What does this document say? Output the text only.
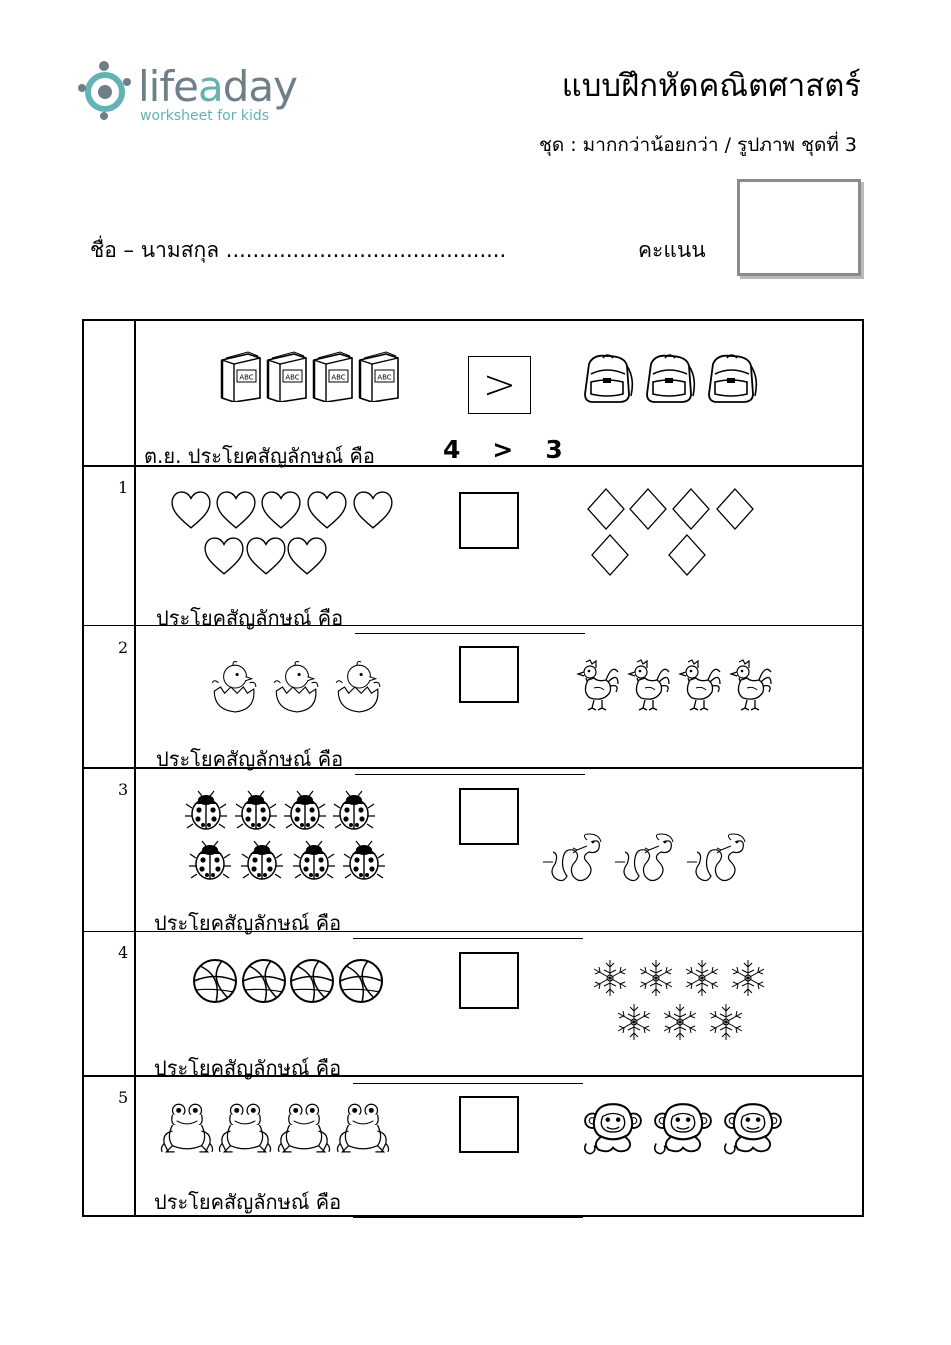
lifeaday
worksheet for kids
แบบฝึกหัดคณิตศาสตร์
ชุด : มากกว่าน้อยกว่า / รูปภาพ ชุดที่ 3
ชื่อ – นามสกุล ..........................................	คะแนน
>
ต.ย. ประโยคสัญลักษณ์ คือ	4 > 3
1
ประโยคสัญลักษณ์ คือ
2
ประโยคสัญลักษณ์ คือ
3
ประโยคสัญลักษณ์ คือ
4
ประโยคสัญลักษณ์ คือ
5
ประโยคสัญลักษณ์ คือ
